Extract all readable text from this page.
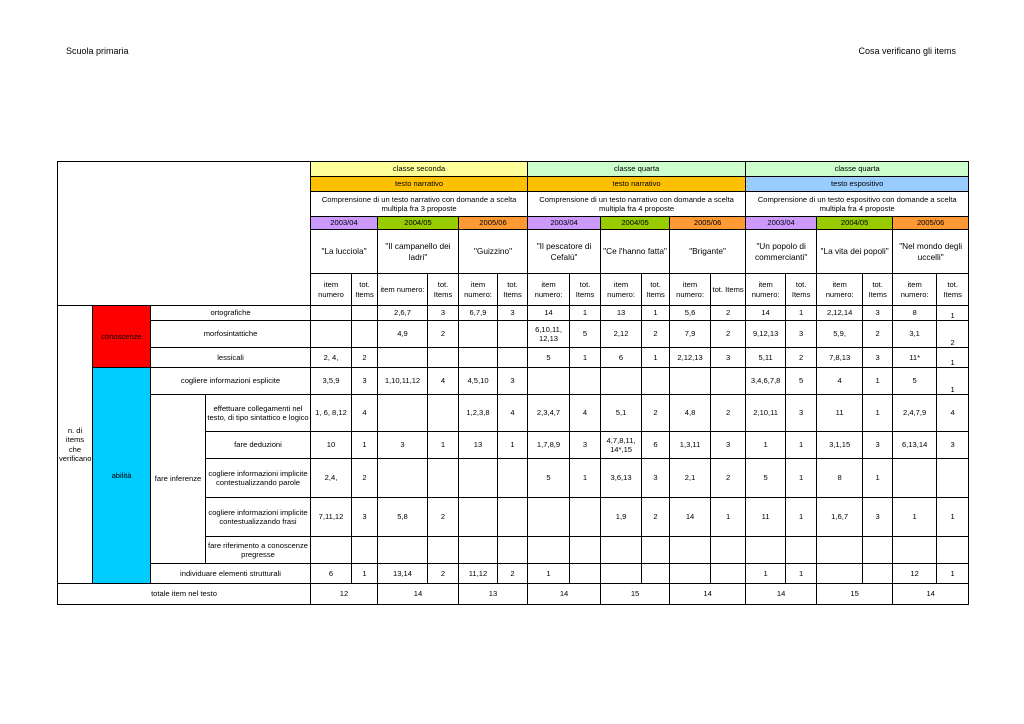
Scuola primaria	Cosa verificano gli items
				classe seconda						classe quarta						classe quarta					
				testo narrativo						testo narrativo						testo espositivo					
				Comprensione di un testo narrativo con domande a scelta multipla fra 3 proposte						Comprensione di un testo narrativo con domande a scelta multipla fra 4 proposte						Comprensione di un testo espositivo con domande a scelta multipla fra 4 proposte					
				2003/04		2004/05		2005/06		2003/04		2004/05		2005/06		2003/04		2004/05		2005/06	
				"La lucciola"		"Il campanello dei ladri"		"Guizzino"		"Il pescatore di Cefalù"		"Ce l'hanno fatta"		"Brigante"		"Un popolo di commercianti"		"La vita dei popoli"		"Nel mondo degli uccelli"	
				item numero	tot. Items	item numero:	tot. Items	item numero:	tot. Items	item numero:	tot. Items	item numero:	tot. Items	item numero:	tot. Items	item numero:	tot. Items	item numero:	tot. Items	item numero:	tot. Items
n. di items che verificano	conoscenze	ortografiche				2,6,7	3	6,7,9	3	14	1	13	1	5,6	2	14	1	2,12,14	3	8	1
		morfosintattiche				4,9	2			6,10,11, 12,13	5	2,12	2	7,9	2	9,12,13	3	5,9,	2	3,1	2
		lessicali		2, 4,	2					5	1	6	1	2,12,13	3	5,11	2	7,8,13	3	11*	1
	abilità	cogliere informazioni esplicite		3,5,9	3	1,10,11,12	4	4,5,10	3							3,4,6,7,8	5	4	1	5	1
		fare inferenze	effettuare collegamenti nel testo, di tipo sintattico e logico	1, 6, 8,12	4			1,2,3,8	4	2,3,4,7	4	5,1	2	4,8	2	2,10,11	3	11	1	2,4,7,9	4
			fare deduzioni	10	1	3	1	13	1	1,7,8,9	3	4,7,8,11, 14*,15	6	1,3,11	3	1	1	3,1,15	3	6,13,14	3
			cogliere informazioni implicite contestualizzando parole	2,4,	2					5	1	3,6,13	3	2,1	2	5	1	8	1		
			cogliere informazioni implicite contestualizzando frasi	7,11,12	3	5,8	2					1,9	2	14	1	11	1	1,6,7	3	1	1
			fare riferimento a conoscenze pregresse																		
		individuare elementi strutturali		6	1	13,14	2	11,12	2	1						1	1			12	1
totale item nel testo				12		14		13		14		15		14		14		15		14	
